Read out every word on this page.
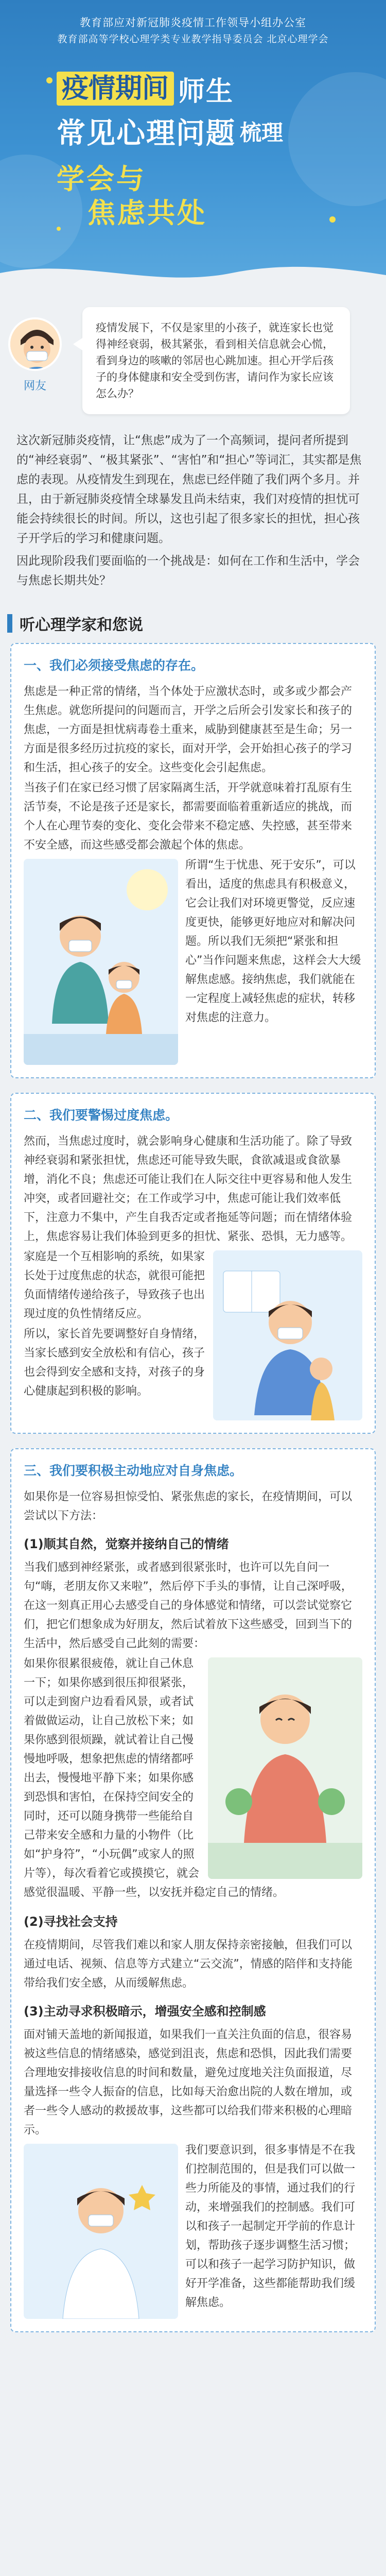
教育部应对新冠肺炎疫情工作领导小组办公室
教育部高等学校心理学类专业教学指导委员会 北京心理学会
疫情期间 师生
常见心理问题 梳理
学会与
焦虑共处
网友
疫情发展下，不仅是家里的小孩子，就连家长也觉得神经衰弱，极其紧张，看到相关信息就会心慌，看到身边的咳嗽的邻居也心跳加速。担心开学后孩子的身体健康和安全受到伤害，请问作为家长应该怎么办？

这次新冠肺炎疫情，让“焦虑”成为了一个高频词，提问者所提到的“神经衰弱”、“极其紧张”、“害怕”和“担心”等词汇，其实都是焦虑的表现。从疫情发生到现在，焦虑已经伴随了我们两个多月。并且，由于新冠肺炎疫情全球暴发且尚未结束，我们对疫情的担忧可能会持续很长的时间。所以，这也引起了很多家长的担忧，担心孩子开学后的学习和健康问题。

因此现阶段我们要面临的一个挑战是：如何在工作和生活中，学会与焦虑长期共处？

听心理学家和您说
一、我们必须接受焦虑的存在。

焦虑是一种正常的情绪，当个体处于应激状态时，或多或少都会产生焦虑。就您所提问的问题而言，开学之后所会引发家长和孩子的焦虑，一方面是担忧病毒卷土重来，威胁到健康甚至是生命；另一方面是很多经历过抗疫的家长，面对开学，会开始担心孩子的学习和生活，担心孩子的安全。这些变化会引起焦虑。

当孩子们在家已经习惯了居家隔离生活，开学就意味着打乱原有生活节奏，不论是孩子还是家长，都需要面临着重新适应的挑战，而个人在心理节奏的变化、变化会带来不稳定感、失控感，甚至带来不安全感，而这些感受都会激起个体的焦虑。

所谓“生于忧患、死于安乐”，可以看出，适度的焦虑具有积极意义，它会让我们对环境更警觉，反应速度更快，能够更好地应对和解决问题。所以我们无须把“紧张和担心”当作问题来焦虑，这样会大大缓解焦虑感。接纳焦虑，我们就能在一定程度上减轻焦虑的症状，转移对焦虑的注意力。

二、我们要警惕过度焦虑。

然而，当焦虑过度时，就会影响身心健康和生活功能了。除了导致神经衰弱和紧张担忧，焦虑还可能导致失眠，食欲减退或食欲暴增，消化不良；焦虑还可能让我们在人际交往中更容易和他人发生冲突，或者回避社交；在工作或学习中，焦虑可能让我们效率低下，注意力不集中，产生自我否定或者拖延等问题；而在情绪体验上，焦虑容易让我们体验到更多的担忧、紧张、恐惧，无力感等。

家庭是一个互相影响的系统，如果家长处于过度焦虑的状态，就很可能把负面情绪传递给孩子，导致孩子也出现过度的负性情绪反应。

所以，家长首先要调整好自身情绪，当家长感到安全放松和有信心，孩子也会得到安全感和支持，对孩子的身心健康起到积极的影响。

三、我们要积极主动地应对自身焦虑。

如果你是一位容易担惊受怕、紧张焦虑的家长，在疫情期间，可以尝试以下方法：

(1)顺其自然，觉察并接纳自己的情绪

当我们感到神经紧张，或者感到很紧张时，也许可以先自问一句“嗨，老朋友你又来啦”，然后停下手头的事情，让自己深呼吸，在这一刻真正用心去感受自己的身体感觉和情绪，可以尝试觉察它们，把它们想象成为好朋友，然后试着放下这些感受，回到当下的生活中，然后感受自己此刻的需要：

如果你很累很疲倦，就让自己休息一下；如果你感到很压抑很紧张，可以走到窗户边看看风景，或者试着做做运动，让自己放松下来；如果你感到很烦躁，就试着让自己慢慢地呼吸，想象把焦虑的情绪都呼出去，慢慢地平静下来；如果你感到恐惧和害怕，在保持空间安全的同时，还可以随身携带一些能给自己带来安全感和力量的小物件（比如“护身符”，“小玩偶”或家人的照片等），每次看着它或摸摸它，就会感觉很温暖、平静一些，以安抚并稳定自己的情绪。

(2)寻找社会支持

在疫情期间，尽管我们难以和家人朋友保持亲密接触，但我们可以通过电话、视频、信息等方式建立“云交流”，情感的陪伴和支持能带给我们安全感，从而缓解焦虑。

(3)主动寻求积极暗示，增强安全感和控制感

面对铺天盖地的新闻报道，如果我们一直关注负面的信息，很容易被这些信息的情绪感染，感觉到沮丧，焦虑和恐惧，因此我们需要合理地安排接收信息的时间和数量，避免过度地关注负面报道，尽量选择一些令人振奋的信息，比如每天治愈出院的人数在增加，或者一些令人感动的救援故事，这些都可以给我们带来积极的心理暗示。

我们要意识到，很多事情是不在我们控制范围的，但是我们可以做一些力所能及的事情，通过我们的行动，来增强我们的控制感。我们可以和孩子一起制定开学前的作息计划，帮助孩子逐步调整生活习惯；可以和孩子一起学习防护知识，做好开学准备，这些都能帮助我们缓解焦虑。
